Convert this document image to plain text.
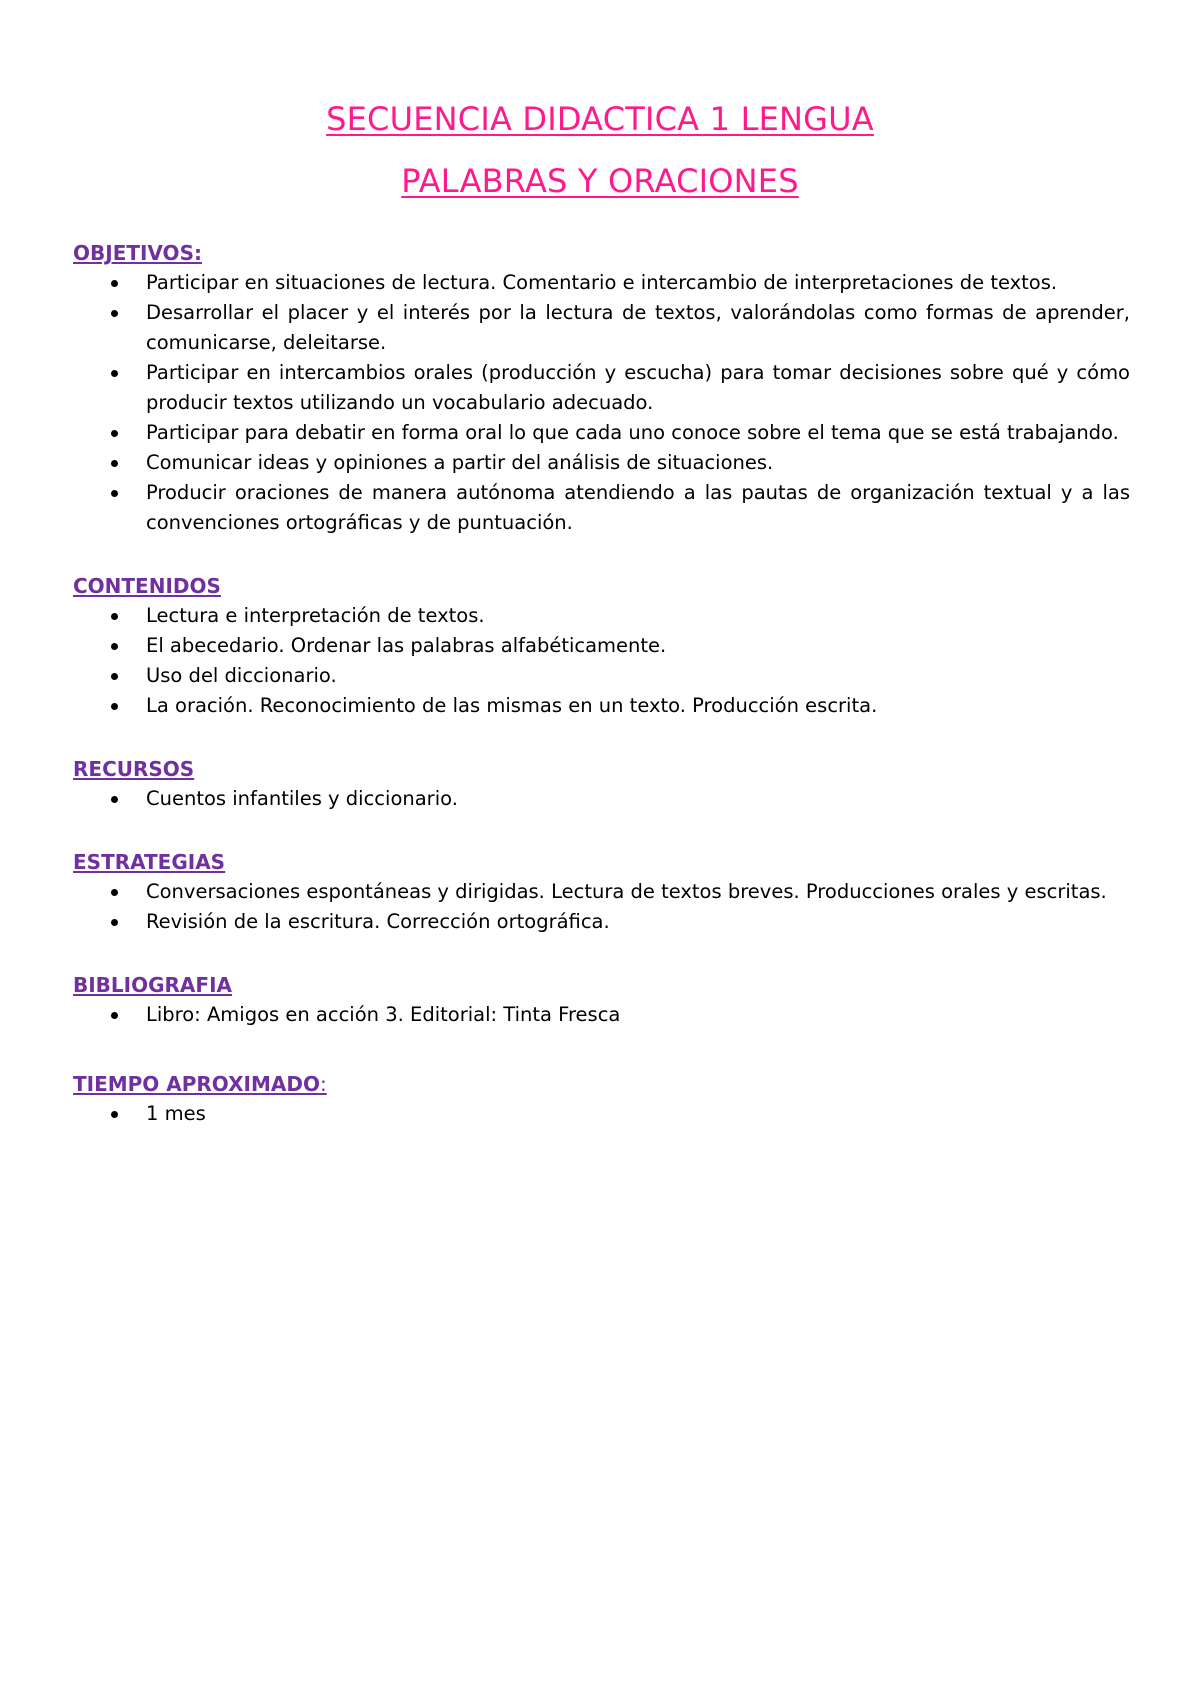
SECUENCIA DIDACTICA 1 LENGUA
PALABRAS Y ORACIONES
OBJETIVOS:
Participar en situaciones de lectura. Comentario e intercambio de interpretaciones de textos.
Desarrollar el placer y el interés por la lectura de textos, valorándolas como formas de aprender, comunicarse, deleitarse.
Participar en intercambios orales (producción y escucha) para tomar decisiones sobre qué y cómo producir textos utilizando un vocabulario adecuado.
Participar para debatir en forma oral lo que cada uno conoce sobre el tema que se está trabajando.
Comunicar ideas y opiniones a partir del análisis de situaciones.
Producir oraciones de manera autónoma atendiendo a las pautas de organización textual y a las convenciones ortográficas y de puntuación.
CONTENIDOS
Lectura e interpretación de textos.
El abecedario. Ordenar las palabras alfabéticamente.
Uso del diccionario.
La oración. Reconocimiento de las mismas en un texto. Producción escrita.
RECURSOS
Cuentos infantiles y diccionario.
ESTRATEGIAS
Conversaciones espontáneas y dirigidas. Lectura de textos breves. Producciones orales y escritas.
Revisión de la escritura. Corrección ortográfica.
BIBLIOGRAFIA
Libro: Amigos en acción 3. Editorial: Tinta Fresca
TIEMPO APROXIMADO:
1 mes
